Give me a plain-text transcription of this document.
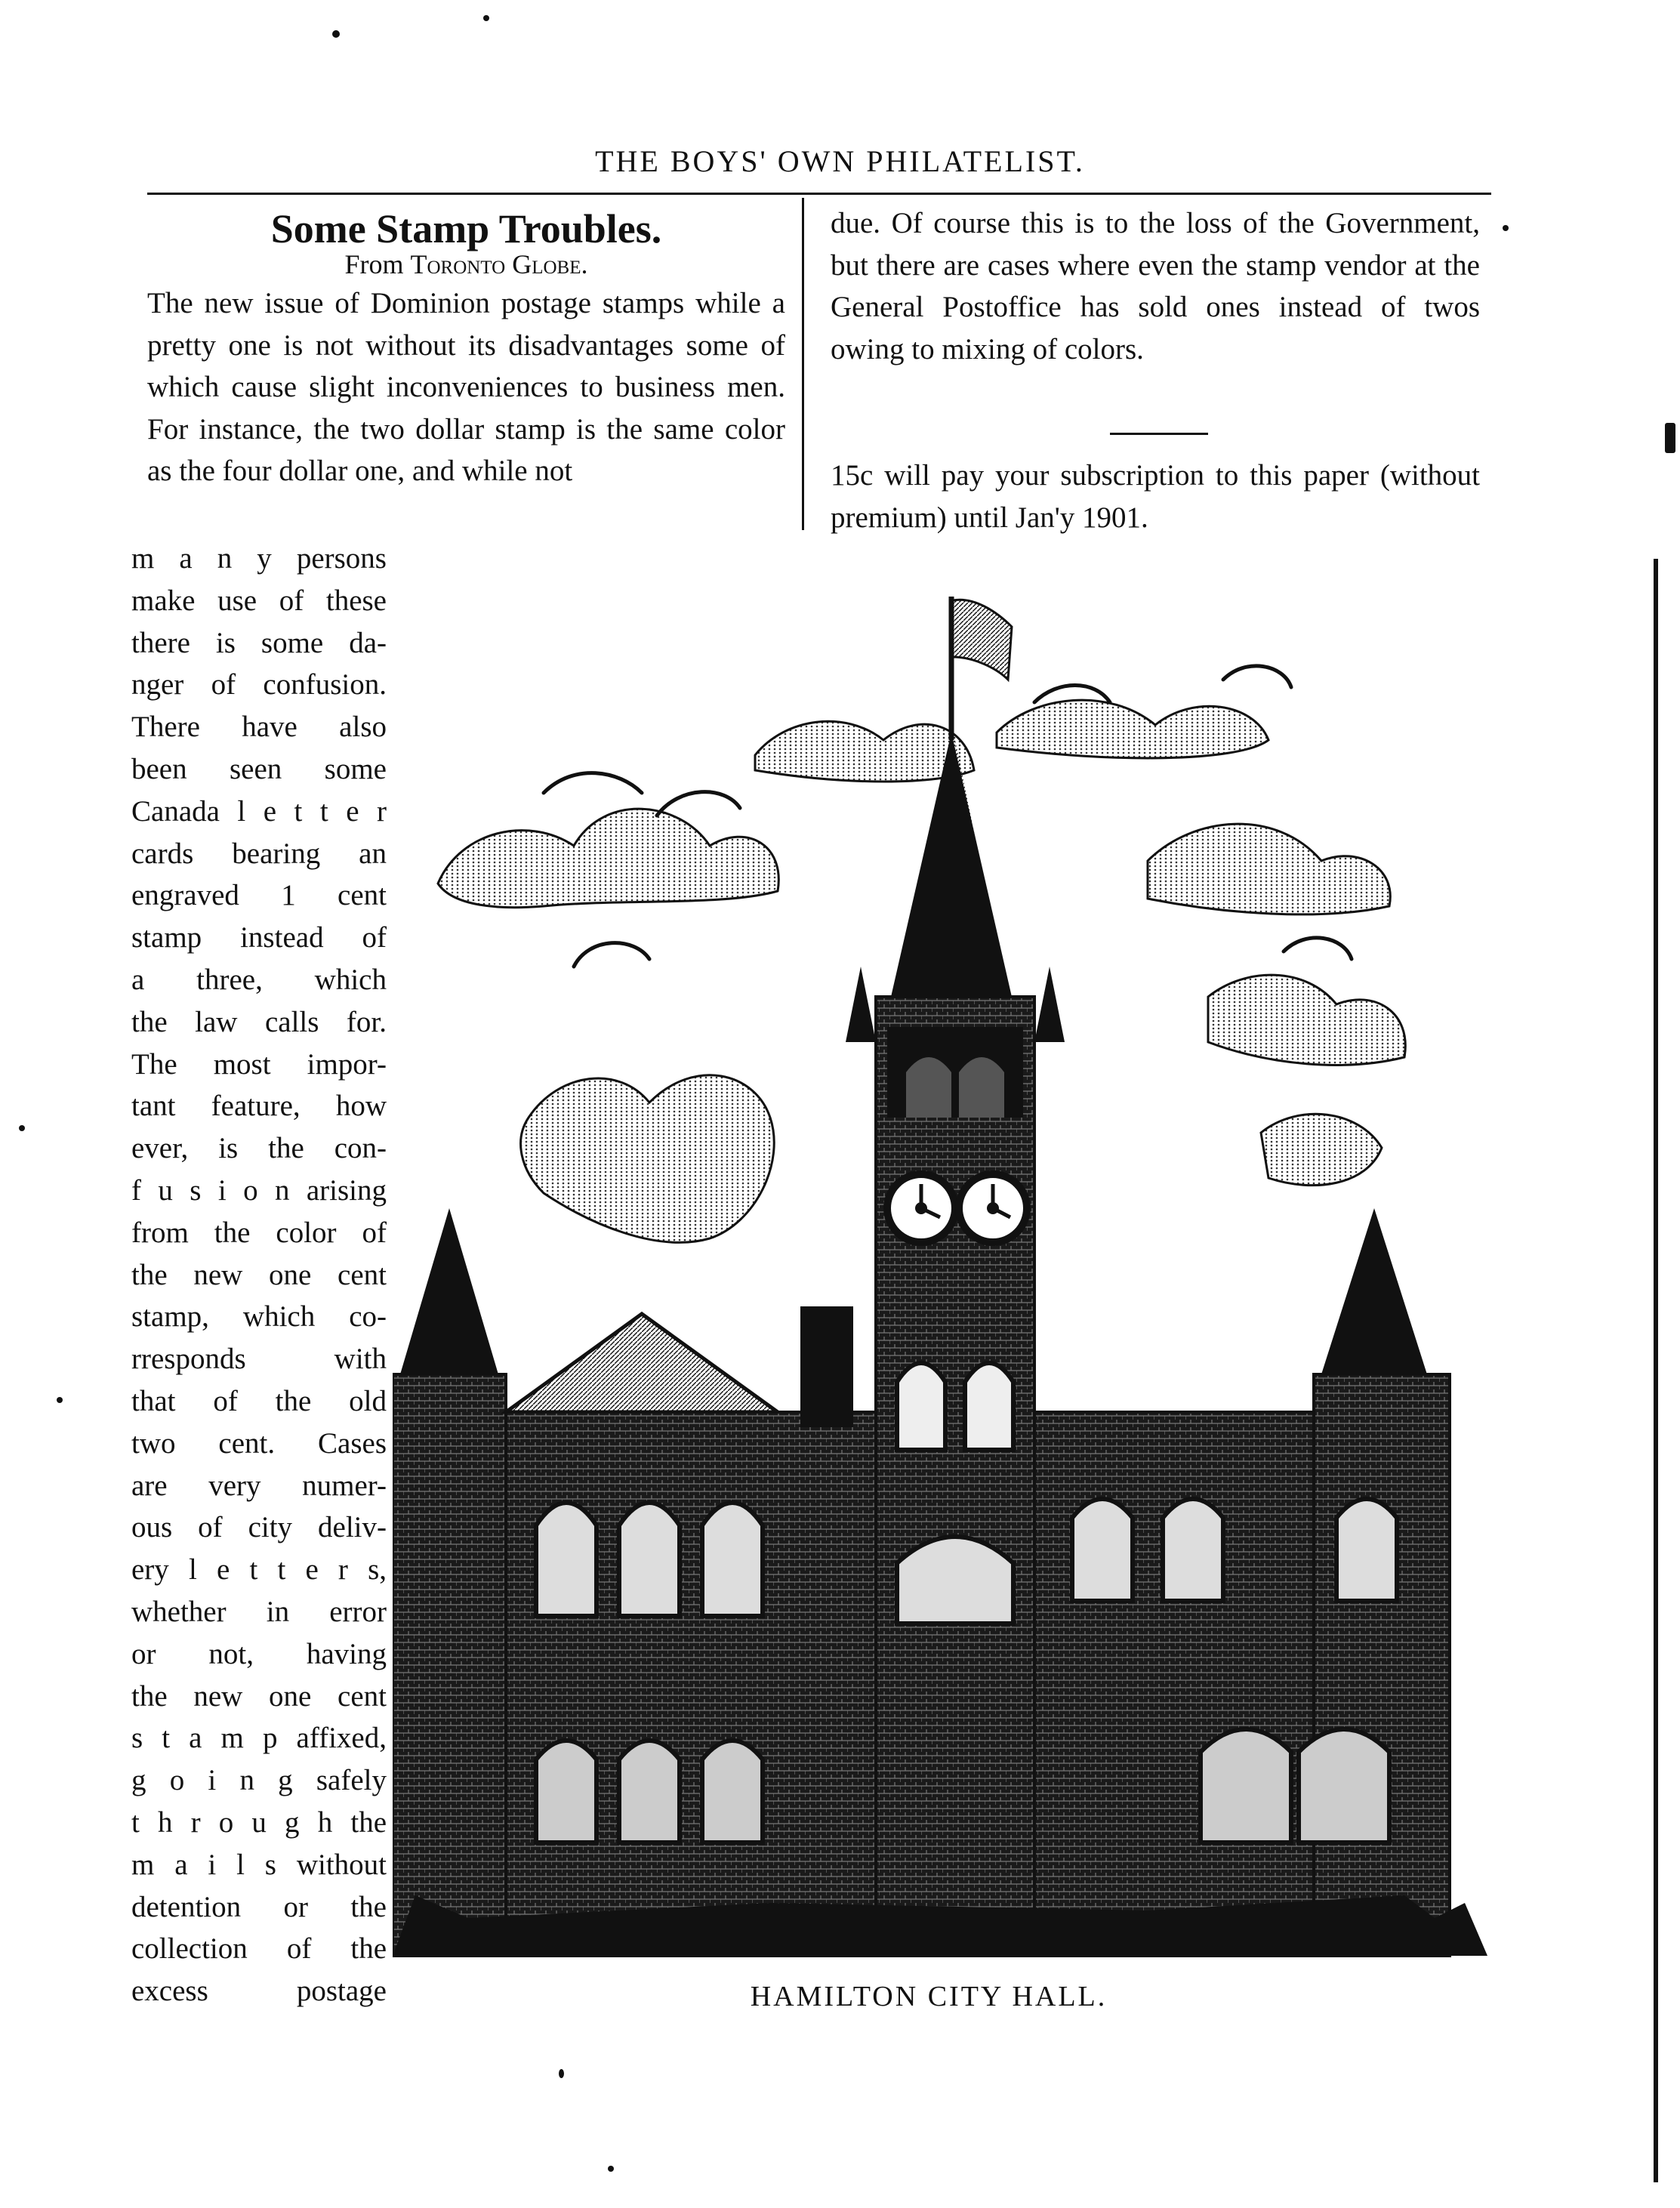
THE BOYS' OWN PHILATELIST.
Some Stamp Troubles.
From Toronto Globe.
The new issue of Dominion postage stamps while a pretty one is not without its disadvantages some of which cause slight inconveniences to business men. For instance, the two dollar stamp is the same color as the four dollar one, and while not
m a n y persons
make use of these
there is some da-
nger of confusion.
There have also
been seen some
Canada l e t t e r
cards bearing an
engraved 1 cent
stamp instead of
a three, which
the law calls for.
The most impor-
tant feature, how
ever, is the con-
f u s i o n arising
from the color of
the new one cent
stamp, which co-
rresponds with
that of the old
two cent. Cases
are very numer-
ous of city deliv-
ery l e t t e r s,
whether in error
or not, having
the new one cent
s t a m p affixed,
g o i n g safely
t h r o u g h the
m a i l s without
detention or the
collection of the
excess postage
due. Of course this is to the loss of the Government, but there are cases where even the stamp vendor at the General Postoffice has sold ones instead of twos owing to mixing of colors.
15c will pay your subscription to this paper (without premium) until Jan'y 1901.
HAMILTON CITY HALL.
